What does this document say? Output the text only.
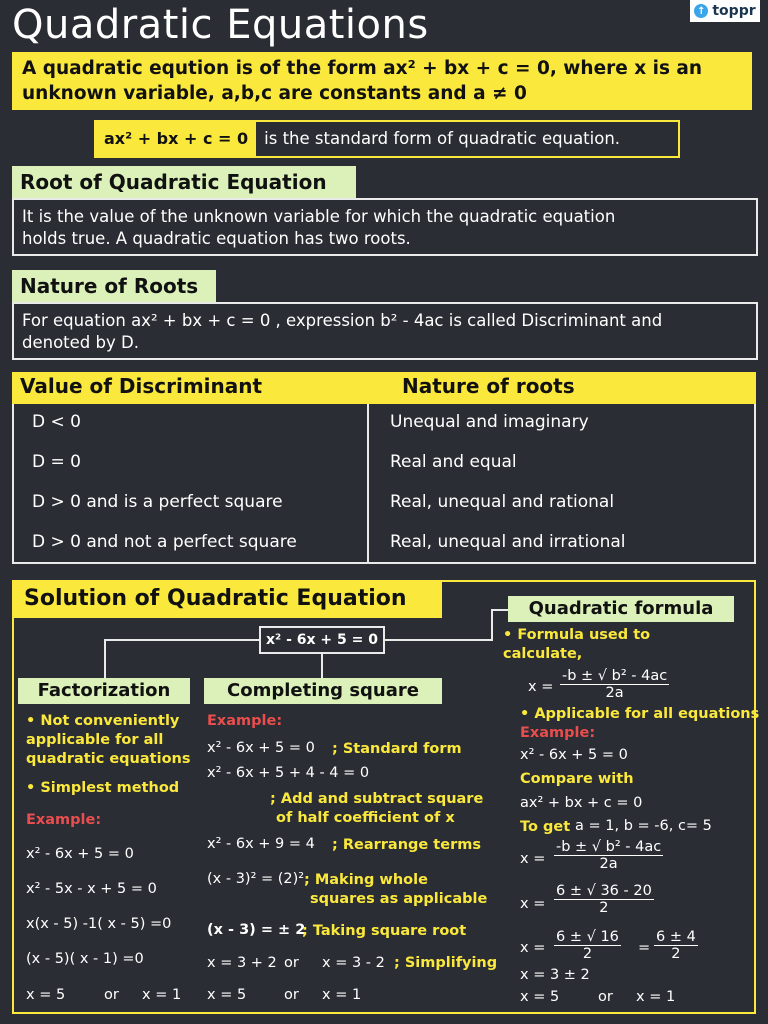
Quadratic Equations	↑ toppr
A quadratic eqution is of the form ax² + bx + c = 0, where x is an
unknown variable, a,b,c are constants and a ≠ 0
ax² + bx + c = 0 is the standard form of quadratic equation.
Root of Quadratic Equation
It is the value of the unknown variable for which the quadratic equation
holds true. A quadratic equation has two roots.
Nature of Roots
For equation ax² + bx + c = 0 , expression b² - 4ac is called Discriminant and
denoted by D.
Value of Discriminant	Nature of roots
D < 0	Unequal and imaginary
D = 0	Real and equal
D > 0 and is a perfect square	Real, unequal and rational
D > 0 and not a perfect square	Real, unequal and irrational
Solution of Quadratic Equation
x² - 6x + 5 = 0
Factorization
• Not conveniently
applicable for all
quadratic equations
• Simplest method
Example:
x² - 6x + 5 = 0
x² - 5x - x + 5 = 0
x(x - 5) -1( x - 5) =0
(x - 5)( x - 1) =0
x = 5	or x = 1
Completing square
Example:
x² - 6x + 5 = 0 ; Standard form
x² - 6x + 5 + 4 - 4 = 0
; Add and subtract square
of half coefficient of x
x² - 6x + 9 = 4 ; Rearrange terms
(x - 3)² = (2)² ; Making whole
squares as applicable
(x - 3) = ± 2
; Taking square root
x = 3 + 2 or x = 3 - 2 ; Simplifying
x = 5	or x = 1
Quadratic formula
• Formula used to
calculate,
$x = \frac{\text{-b ± √ b² - 4ac}}{2a}$
• Applicable for all equations
Example:
x² - 6x + 5 = 0
Compare with
ax² + bx + c = 0
To get a = 1, b = -6, c= 5
$x = \frac{\text{-b ± √ b² - 4ac}}{2a}$
$x = \frac{6 \pm √ 36 - 20}{2}$
$x = \frac{6 \pm √ 16}{2} = \frac{6 \pm 4}{2}$
x = 3 ± 2
x = 5	or x = 1
